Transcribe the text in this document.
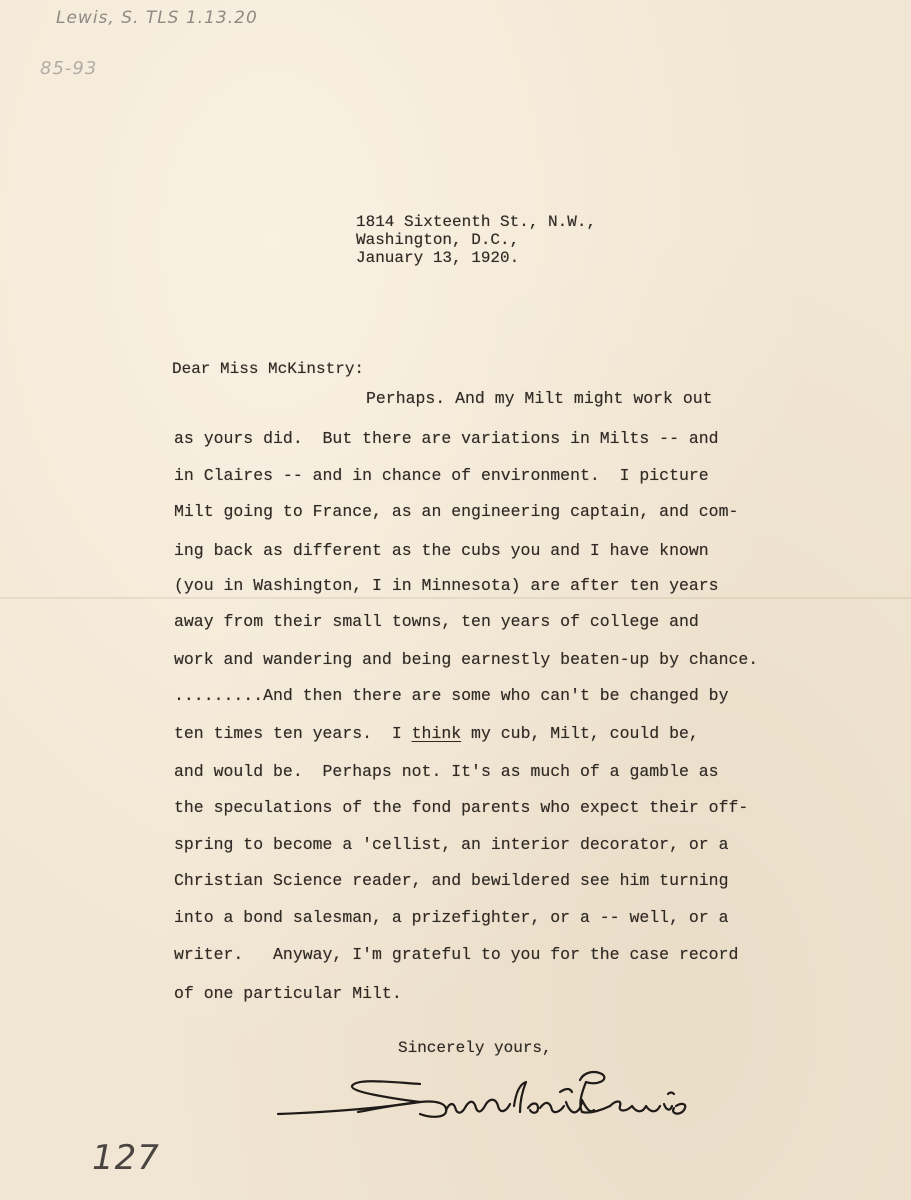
Lewis, S. TLS 1.13.20
85-93
1814 Sixteenth St., N.W.,
Washington, D.C.,
January 13, 1920.
Dear Miss McKinstry:
Perhaps. And my Milt might work out
as yours did.  But there are variations in Milts -- and
in Claires -- and in chance of environment.  I picture
Milt going to France, as an engineering captain, and com-
ing back as different as the cubs you and I have known
(you in Washington, I in Minnesota) are after ten years
away from their small towns, ten years of college and
work and wandering and being earnestly beaten-up by chance.
.........And then there are some who can't be changed by
ten times ten years.  I think my cub, Milt, could be,
and would be.  Perhaps not. It's as much of a gamble as
the speculations of the fond parents who expect their off-
spring to become a 'cellist, an interior decorator, or a
Christian Science reader, and bewildered see him turning
into a bond salesman, a prizefighter, or a -- well, or a
writer.   Anyway, I'm grateful to you for the case record
of one particular Milt.
Sincerely yours,
127
